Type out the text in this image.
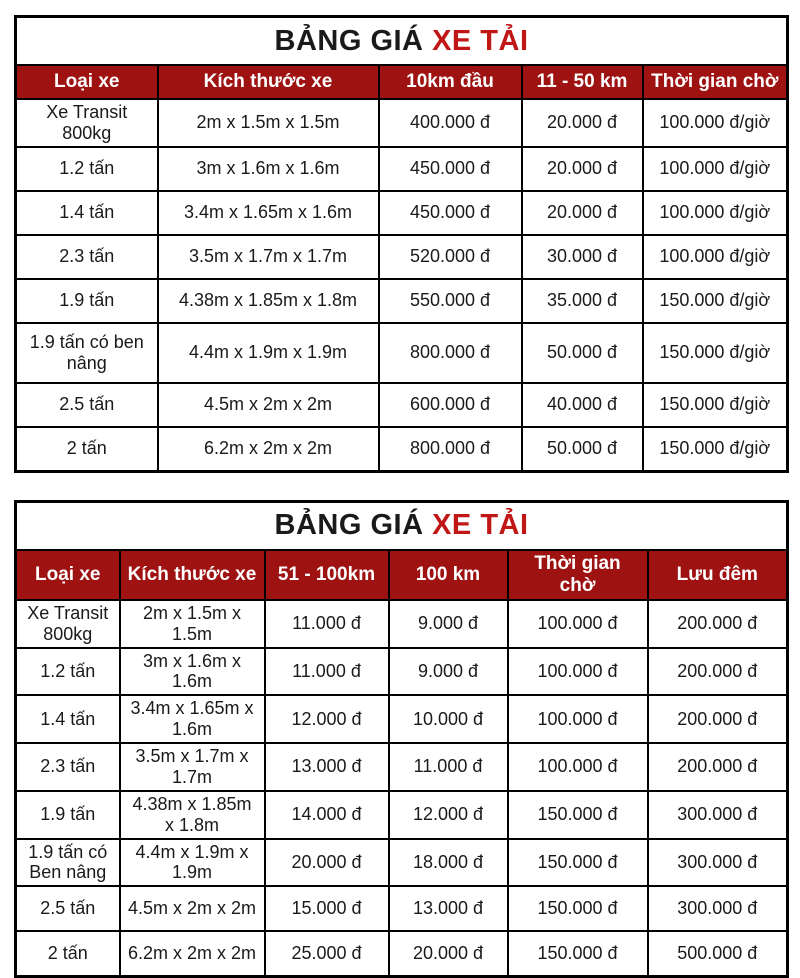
BẢNG GIÁ XE TẢI				
Loại xe	Kích thước xe	10km đầu	11 - 50 km	Thời gian chờ
Xe Transit 800kg	2m x 1.5m x 1.5m	400.000 đ	20.000 đ	100.000 đ/giờ
1.2 tấn	3m x 1.6m x 1.6m	450.000 đ	20.000 đ	100.000 đ/giờ
1.4 tấn	3.4m x 1.65m x 1.6m	450.000 đ	20.000 đ	100.000 đ/giờ
2.3 tấn	3.5m x 1.7m x 1.7m	520.000 đ	30.000 đ	100.000 đ/giờ
1.9 tấn	4.38m x 1.85m x 1.8m	550.000 đ	35.000 đ	150.000 đ/giờ
1.9 tấn có ben nâng	4.4m x 1.9m x 1.9m	800.000 đ	50.000 đ	150.000 đ/giờ
2.5 tấn	4.5m x 2m x 2m	600.000 đ	40.000 đ	150.000 đ/giờ
2 tấn	6.2m x 2m x 2m	800.000 đ	50.000 đ	150.000 đ/giờ
BẢNG GIÁ XE TẢI					
Loại xe	Kích thước xe	51 - 100km	100 km	Thời gian chờ	Lưu đêm
Xe Transit 800kg	2m x 1.5m x 1.5m	11.000 đ	9.000 đ	100.000 đ	200.000 đ
1.2 tấn	3m x 1.6m x 1.6m	11.000 đ	9.000 đ	100.000 đ	200.000 đ
1.4 tấn	3.4m x 1.65m x 1.6m	12.000 đ	10.000 đ	100.000 đ	200.000 đ
2.3 tấn	3.5m x 1.7m x 1.7m	13.000 đ	11.000 đ	100.000 đ	200.000 đ
1.9 tấn	4.38m x 1.85m x 1.8m	14.000 đ	12.000 đ	150.000 đ	300.000 đ
1.9 tấn có Ben nâng	4.4m x 1.9m x 1.9m	20.000 đ	18.000 đ	150.000 đ	300.000 đ
2.5 tấn	4.5m x 2m x 2m	15.000 đ	13.000 đ	150.000 đ	300.000 đ
2 tấn	6.2m x 2m x 2m	25.000 đ	20.000 đ	150.000 đ	500.000 đ
